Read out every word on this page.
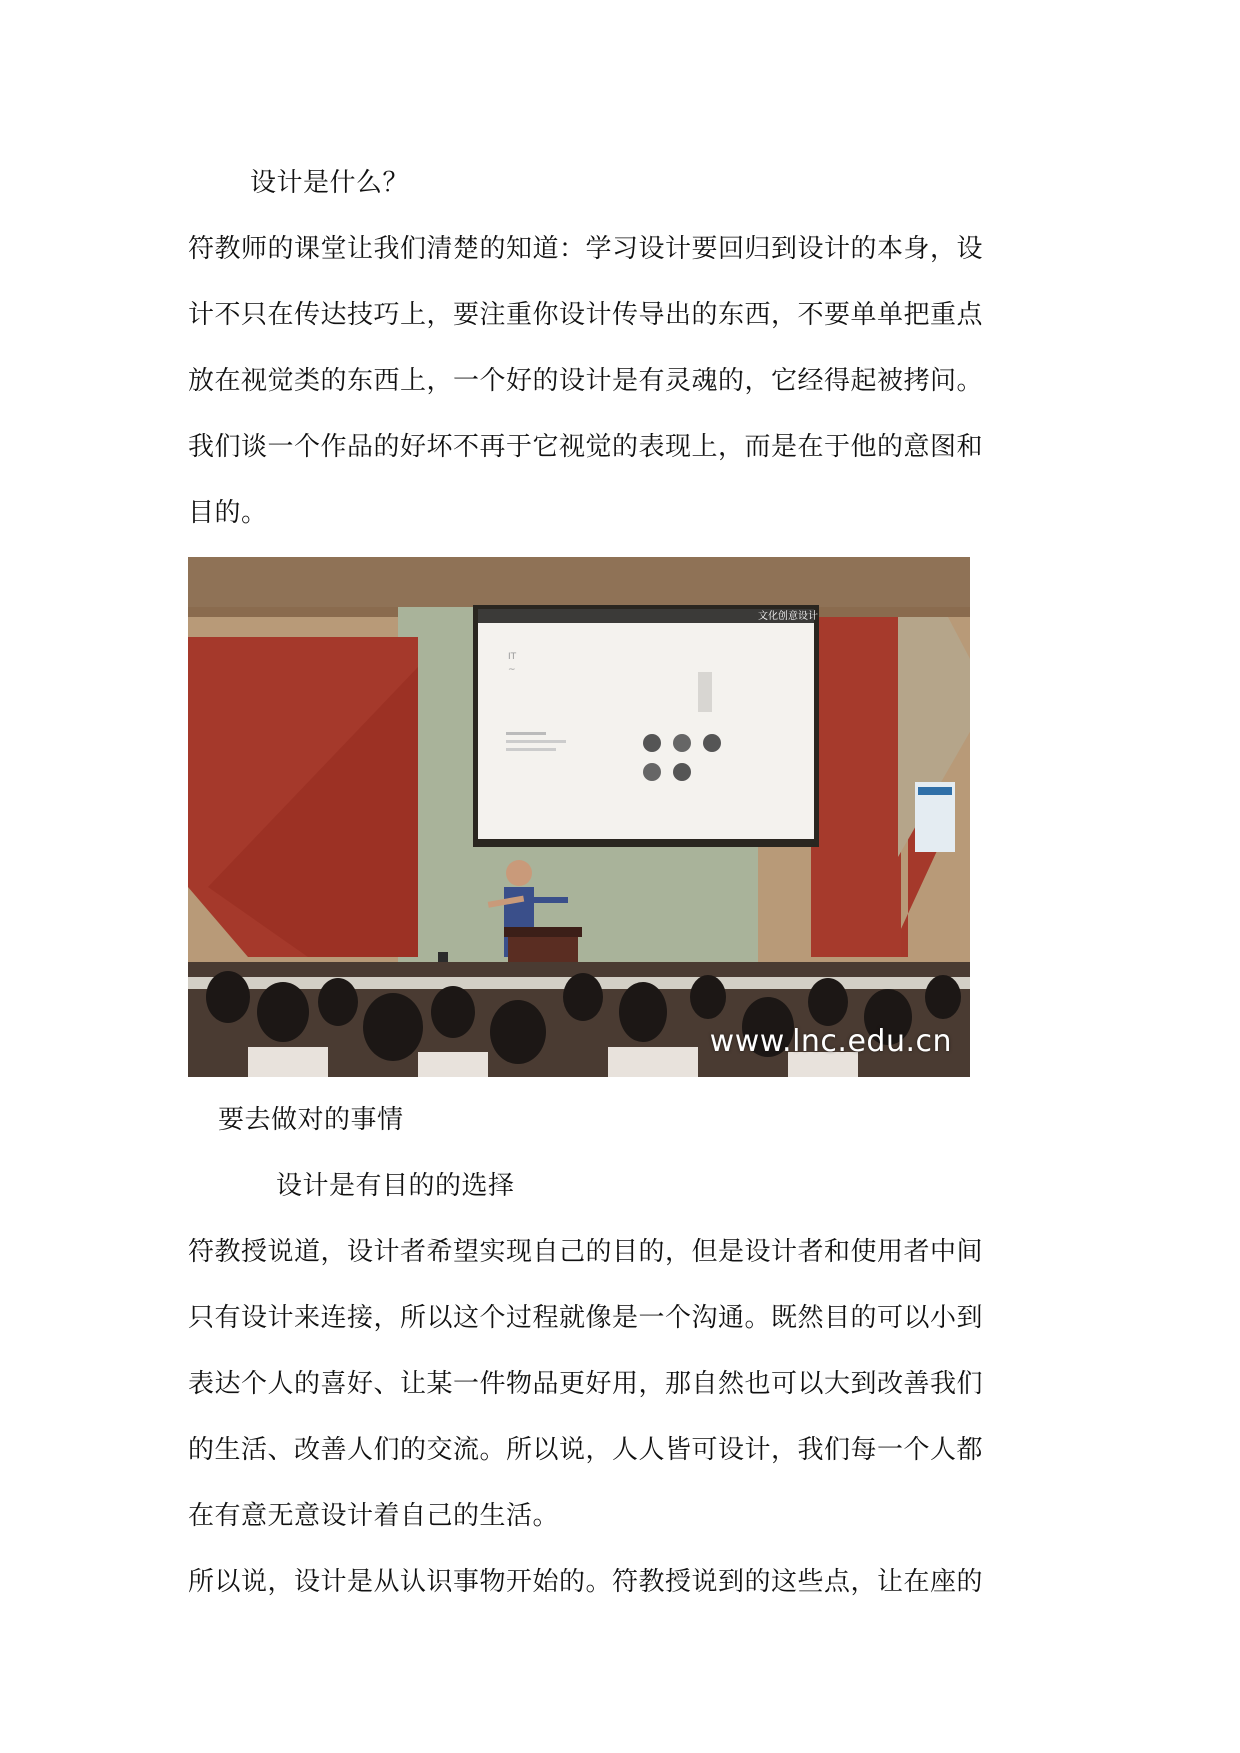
设计是什么？
符教师的课堂让我们清楚的知道：学习设计要回归到设计的本身，设
计不只在传达技巧上，要注重你设计传导出的东西，不要单单把重点
放在视觉类的东西上，一个好的设计是有灵魂的，它经得起被拷问。
我们谈一个作品的好坏不再于它视觉的表现上，而是在于他的意图和
目的。
文化创意设计
IT
~
www.lnc.edu.cn
要去做对的事情
设计是有目的的选择
符教授说道，设计者希望实现自己的目的，但是设计者和使用者中间
只有设计来连接，所以这个过程就像是一个沟通。既然目的可以小到
表达个人的喜好、让某一件物品更好用，那自然也可以大到改善我们
的生活、改善人们的交流。所以说，人人皆可设计，我们每一个人都
在有意无意设计着自己的生活。
所以说，设计是从认识事物开始的。符教授说到的这些点，让在座的
